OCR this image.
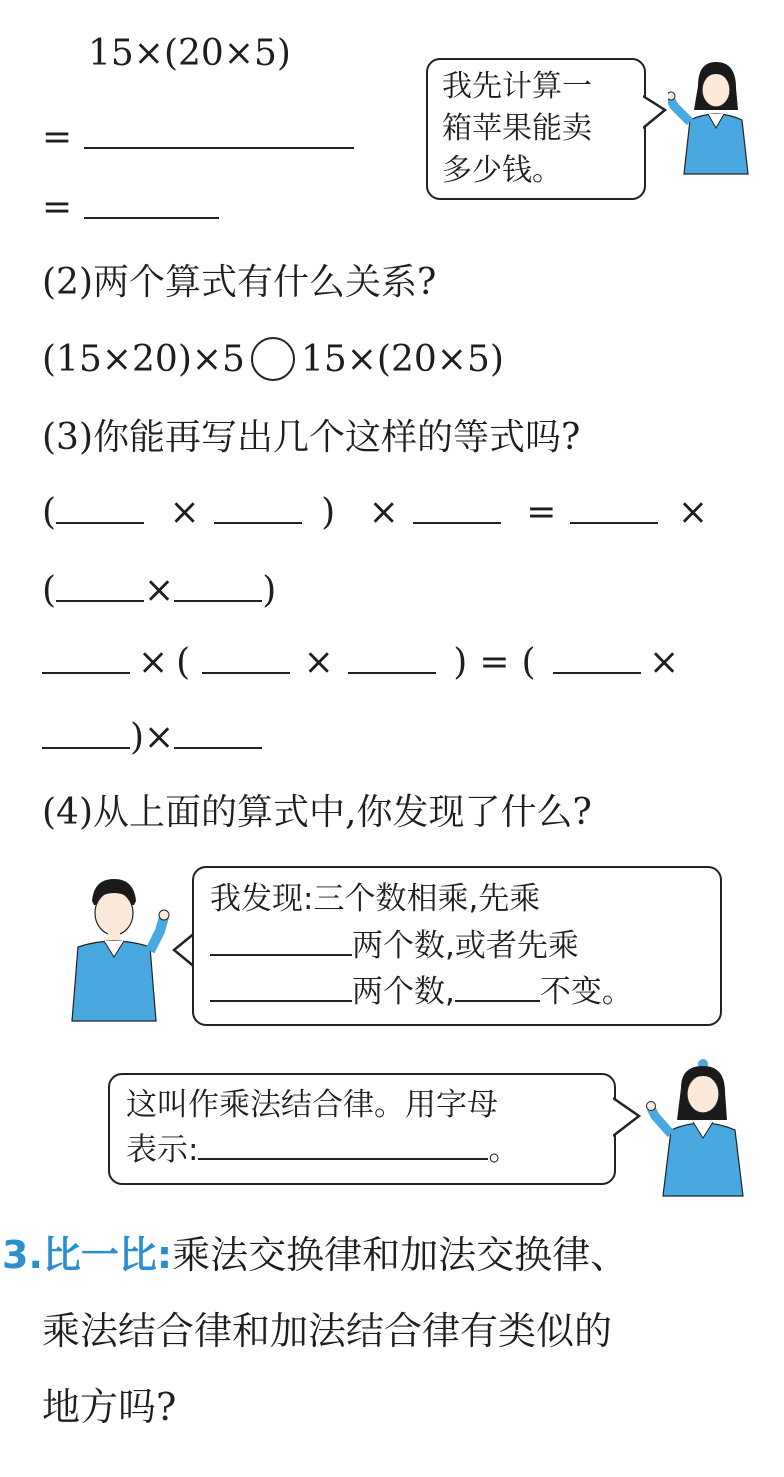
15×(20×5)
=
=
我先计算一
箱苹果能卖
多少钱。
(2)两个算式有什么关系?
(15×20)×5 15×(20×5)
(3)你能再写出几个这样的等式吗?
(	×	) ×	=	×
( × )
× (	×	) = (	×
)×
(4)从上面的算式中,你发现了什么?
我发现:三个数相乘,先乘
两个数,或者先乘
两个数,	不变。
这叫作乘法结合律。用字母
表示:	。
3.比一比:乘法交换律和加法交换律、
乘法结合律和加法结合律有类似的
地方吗?
